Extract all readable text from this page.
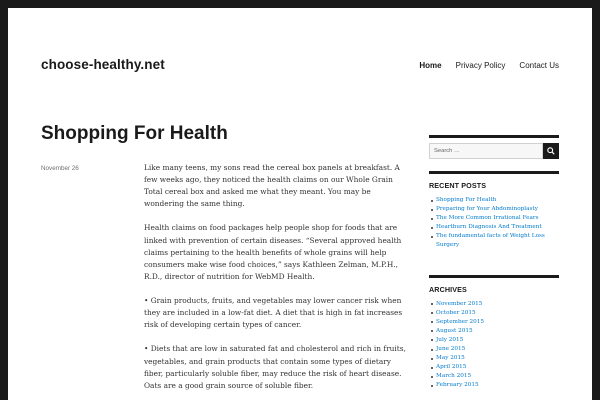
choose-healthy.net	Home Privacy Policy Contact Us
Shopping For Health
November 26	Like many teens, my sons read the cereal box panels at breakfast. A few weeks ago, they noticed the health claims on our Whole Grain Total cereal box and asked me what they meant. You may be wondering the same thing.

Health claims on food packages help people shop for foods that are linked with prevention of certain diseases. “Several approved health claims pertaining to the health benefits of whole grains will help consumers make wise food choices,” says Kathleen Zelman, M.P.H., R.D., director of nutrition for WebMD Health.

• Grain products, fruits, and vegetables may lower cancer risk when they are included in a low-fat diet. A diet that is high in fat increases risk of developing certain types of cancer.

• Diets that are low in saturated fat and cholesterol and rich in fruits, vegetables, and grain products that contain some types of dietary fiber, particularly soluble fiber, may reduce the risk of heart disease. Oats are a good grain source of soluble fiber.

Search …
RECENT POSTS
Shopping For Health
Preparing for Your Abdominoplasty
The More Common Irrational Fears
Heartburn Diagnosis And Treatment
The fundamental facts of Weight Loss Surgery
ARCHIVES
November 2015
October 2015
September 2015
August 2015
July 2015
June 2015
May 2015
April 2015
March 2015
February 2015
